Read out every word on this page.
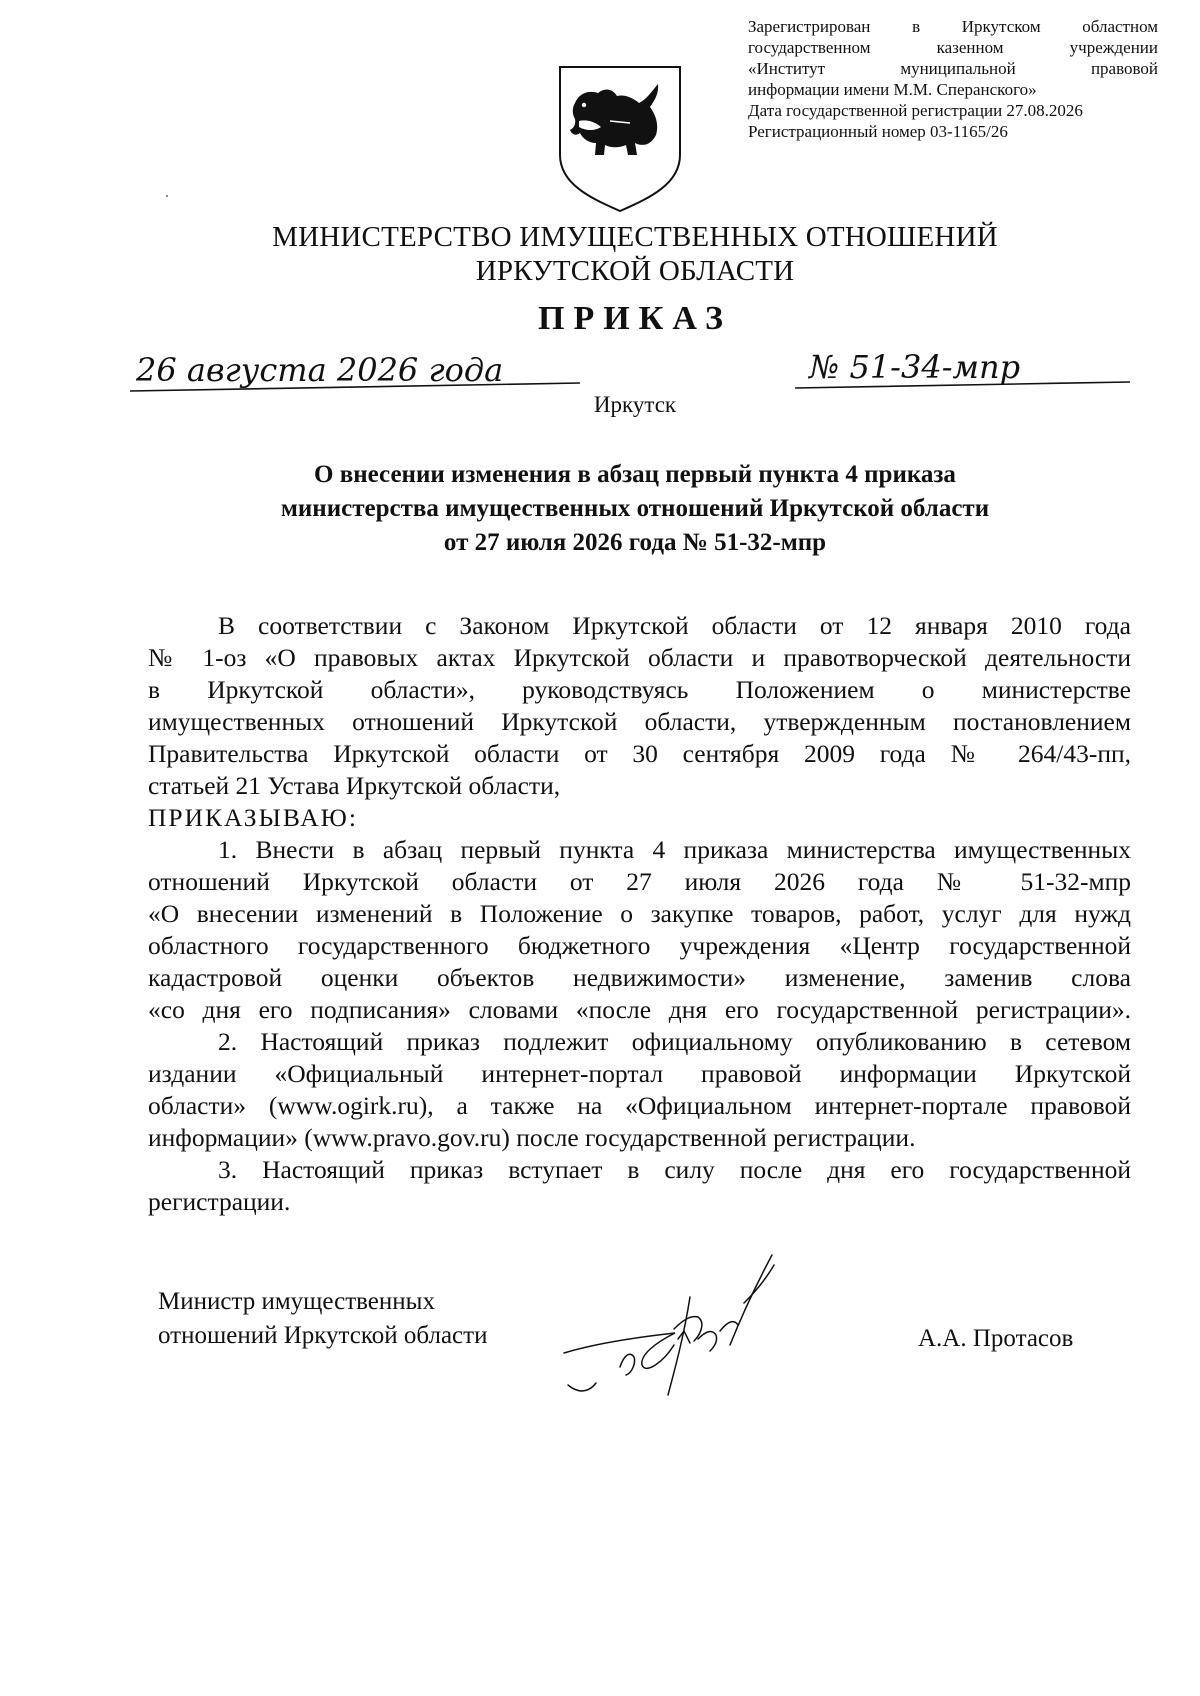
Зарегистрирован в Иркутском областном
государственном казенном учреждении
«Институт муниципальной правовой
информации имени М.М. Сперанского»
Дата государственной регистрации 27.08.2026
Регистрационный номер 03-1165/26
МИНИСТЕРСТВО ИМУЩЕСТВЕННЫХ ОТНОШЕНИЙ
ИРКУТСКОЙ ОБЛАСТИ
ПРИКАЗ
26 августа 2026 года	№ 51-34-мпр
Иркутск
О внесении изменения в абзац первый пункта 4 приказа
министерства имущественных отношений Иркутской области
от 27 июля 2026 года № 51-32-мпр
В соответствии с Законом Иркутской области от 12 января 2010 года
№ 1-оз «О правовых актах Иркутской области и правотворческой деятельности
в Иркутской области», руководствуясь Положением о министерстве
имущественных отношений Иркутской области, утвержденным постановлением
Правительства Иркутской области от 30 сентября 2009 года № 264/43-пп,
статьей 21 Устава Иркутской области,
ПРИКАЗЫВАЮ:
1. Внести в абзац первый пункта 4 приказа министерства имущественных
отношений Иркутской области от 27 июля 2026 года № 51-32-мпр
«О внесении изменений в Положение о закупке товаров, работ, услуг для нужд
областного государственного бюджетного учреждения «Центр государственной
кадастровой оценки объектов недвижимости» изменение, заменив слова
«со дня его подписания» словами «после дня его государственной регистрации».
2. Настоящий приказ подлежит официальному опубликованию в сетевом
издании «Официальный интернет-портал правовой информации Иркутской
области» (www.ogirk.ru), а также на «Официальном интернет-портале правовой
информации» (www.pravo.gov.ru) после государственной регистрации.
3. Настоящий приказ вступает в силу после дня его государственной
регистрации.
Министр имущественных
отношений Иркутской области	А.А. Протасов
